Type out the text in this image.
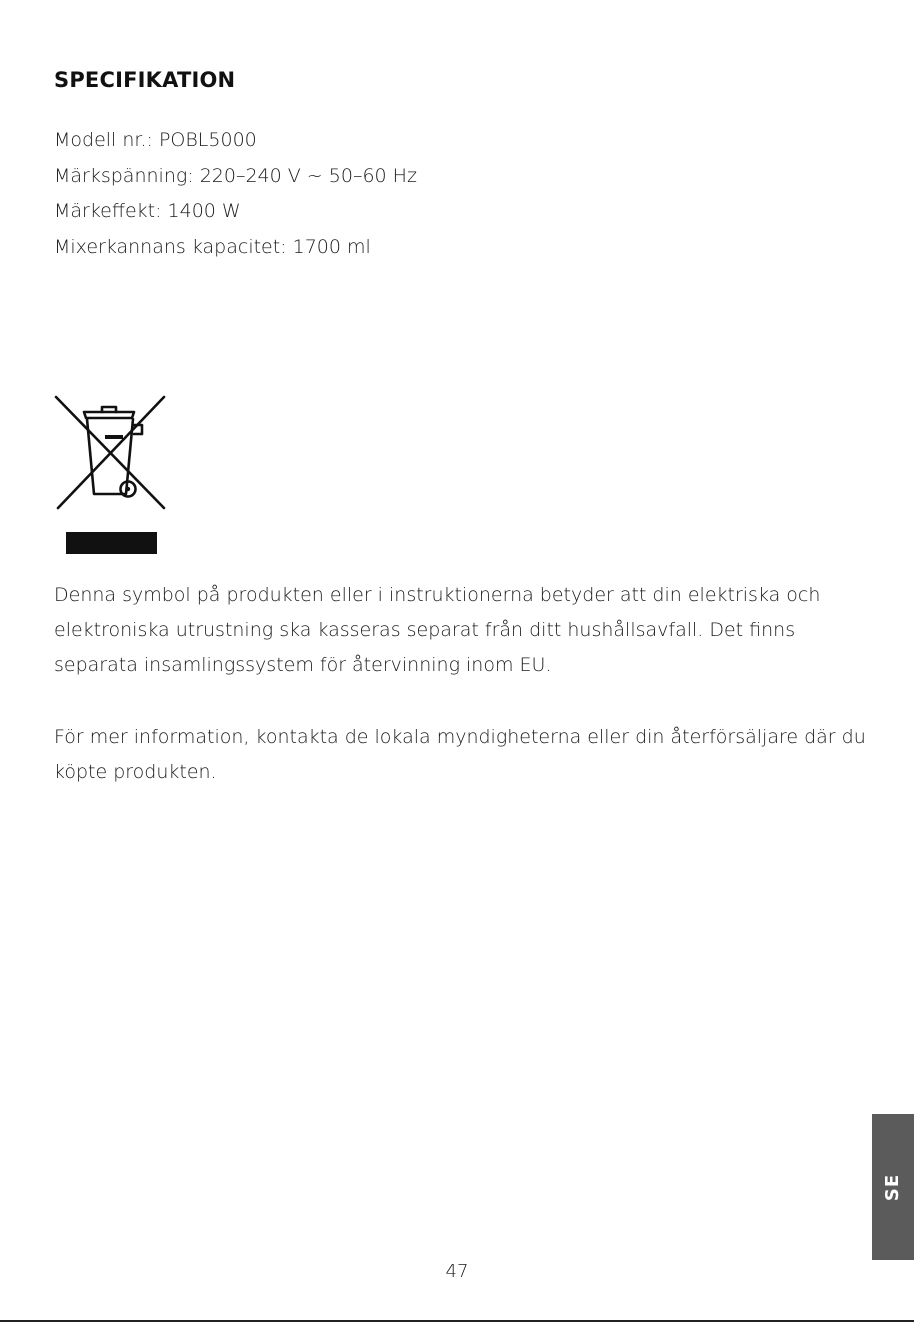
SPECIFIKATION
Modell nr.: POBL5000
Märkspänning: 220–240 V ~ 50–60 Hz
Märkeffekt: 1400 W
Mixerkannans kapacitet: 1700 ml

Denna symbol på produkten eller i instruktionerna betyder att din elektriska och elektroniska utrustning ska kasseras separat från ditt hushållsavfall. Det finns separata insamlingssystem för återvinning inom EU.

För mer information, kontakta de lokala myndigheterna eller din återförsäljare där du köpte produkten.

SE
47
